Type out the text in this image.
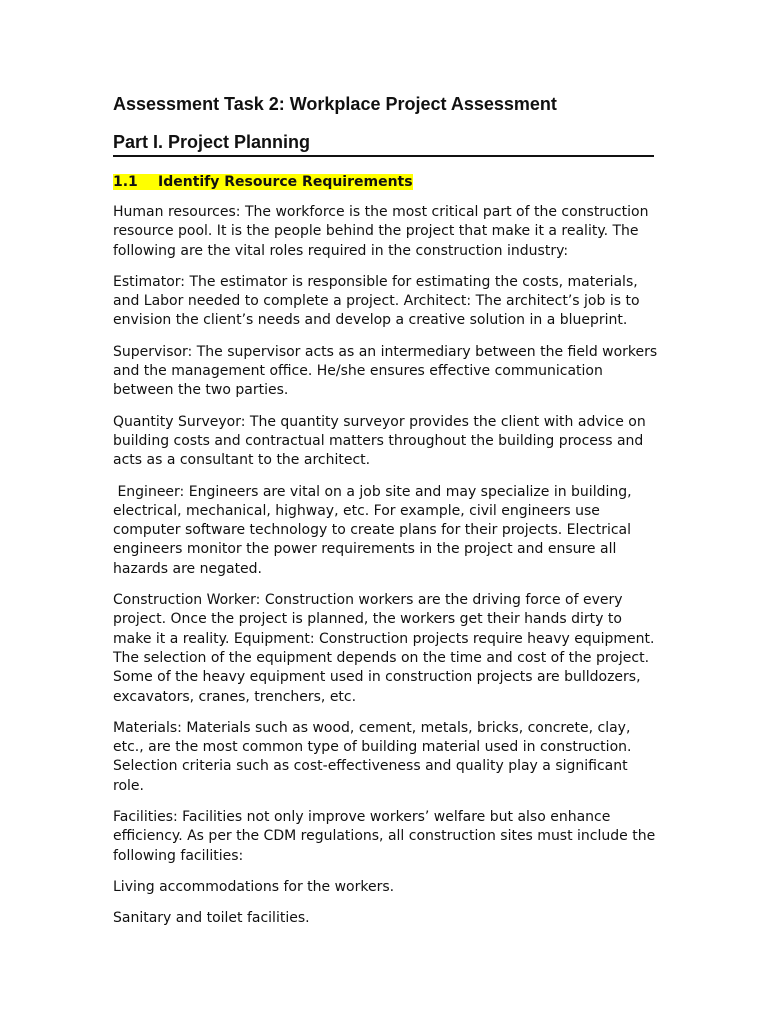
Assessment Task 2: Workplace Project Assessment
Part I. Project Planning
1.1 Identify Resource Requirements

Human resources: The workforce is the most critical part of the construction resource pool. It is the people behind the project that make it a reality. The following are the vital roles required in the construction industry:

Estimator: The estimator is responsible for estimating the costs, materials, and Labor needed to complete a project. Architect: The architect’s job is to envision the client’s needs and develop a creative solution in a blueprint.

Supervisor: The supervisor acts as an intermediary between the field workers and the management office. He/she ensures effective communication between the two parties.

Quantity Surveyor: The quantity surveyor provides the client with advice on building costs and contractual matters throughout the building process and acts as a consultant to the architect.

Engineer: Engineers are vital on a job site and may specialize in building, electrical, mechanical, highway, etc. For example, civil engineers use computer software technology to create plans for their projects. Electrical engineers monitor the power requirements in the project and ensure all hazards are negated.

Construction Worker: Construction workers are the driving force of every project. Once the project is planned, the workers get their hands dirty to make it a reality. Equipment: Construction projects require heavy equipment. The selection of the equipment depends on the time and cost of the project. Some of the heavy equipment used in construction projects are bulldozers, excavators, cranes, trenchers, etc.

Materials: Materials such as wood, cement, metals, bricks, concrete, clay, etc., are the most common type of building material used in construction. Selection criteria such as cost-effectiveness and quality play a significant role.

Facilities: Facilities not only improve workers’ welfare but also enhance efficiency. As per the CDM regulations, all construction sites must include the following facilities:

Living accommodations for the workers.

Sanitary and toilet facilities.
